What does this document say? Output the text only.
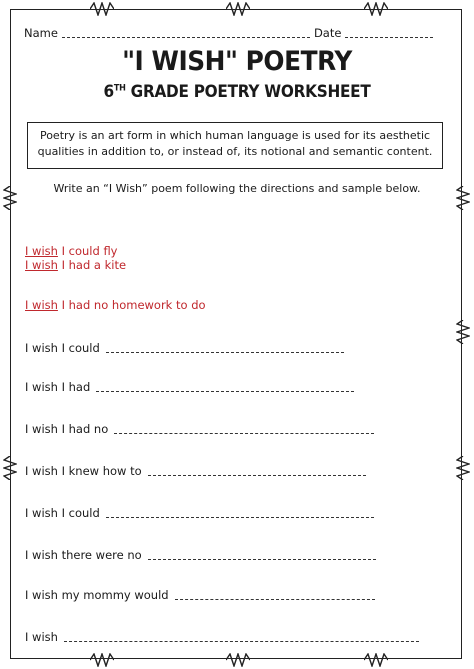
Name	Date
"I WISH" POETRY
6TH GRADE POETRY WORKSHEET
Poetry is an art form in which human language is used for its aesthetic qualities in addition to, or instead of, its notional and semantic content.
Write an “I Wish” poem following the directions and sample below.
I wish
I could fly
I wish
I had a kite
I wish
I had no homework to do
I wish I could
I wish I had
I wish I had no
I wish I knew how to
I wish I could
I wish there were no
I wish my mommy would
I wish
